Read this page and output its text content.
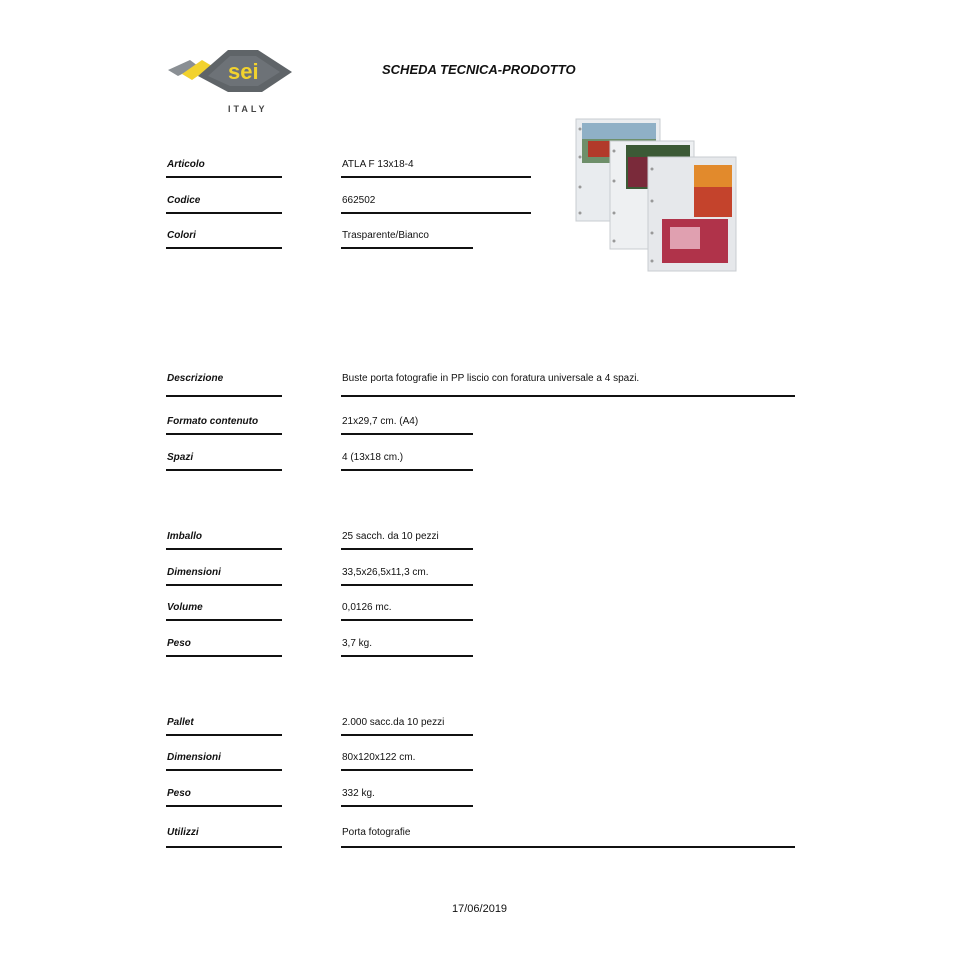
sei
ITALY
SCHEDA TECNICA-PRODOTTO
Articolo	ATLA F 13x18-4
Codice	662502
Colori	Trasparente/Bianco
Descrizione	Buste porta fotografie in PP liscio con foratura universale a 4 spazi.
Formato contenuto	21x29,7 cm. (A4)
Spazi	4 (13x18 cm.)
Imballo	25 sacch. da 10 pezzi
Dimensioni	33,5x26,5x11,3 cm.
Volume	0,0126 mc.
Peso	3,7 kg.
Pallet	2.000 sacc.da 10 pezzi
Dimensioni	80x120x122 cm.
Peso	332 kg.
Utilizzi	Porta fotografie
17/06/2019
